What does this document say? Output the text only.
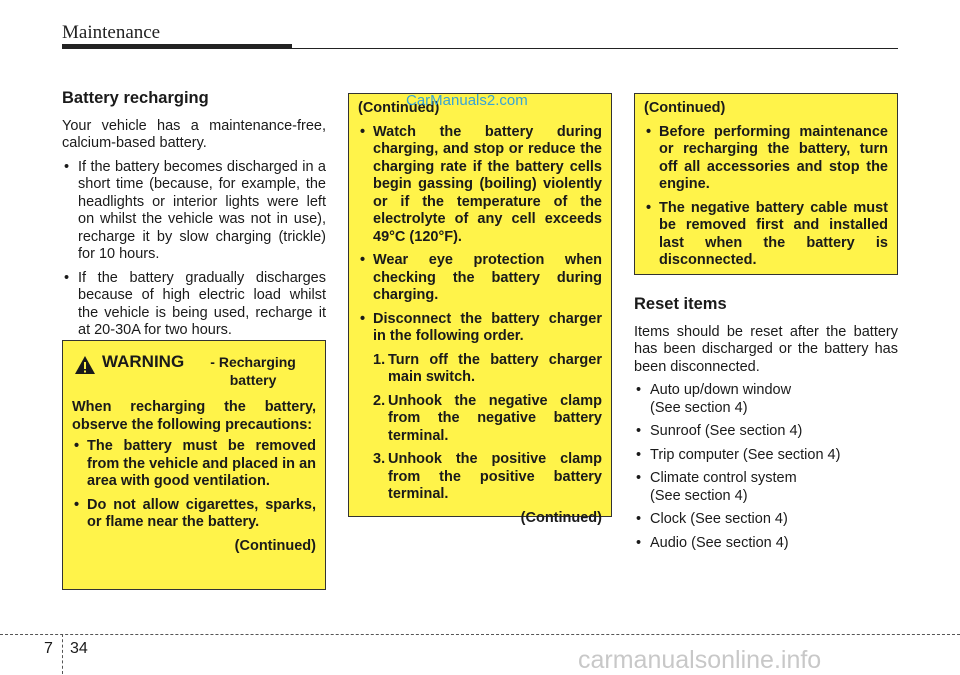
Maintenance
Battery recharging

Your vehicle has a maintenance-free, calcium-based battery.

• If the battery becomes discharged in a short time (because, for example, the headlights or interior lights were left on whilst the vehicle was not in use), recharge it by slow charging (trickle) for 10 hours.
• If the battery gradually discharges because of high electric load whilst the vehicle is being used, recharge it at 20-30A for two hours.
WARNING	- Recharging battery

When recharging the battery, observe the following precautions:

• The battery must be removed from the vehicle and placed in an area with good ventilation.
• Do not allow cigarettes, sparks, or flame near the battery.
(Continued)
(Continued)
• Watch the battery during charging, and stop or reduce the charging rate if the battery cells begin gassing (boiling) violently or if the temperature of the electrolyte of any cell exceeds 49°C (120°F).
• Wear eye protection when checking the battery during charging.
• Disconnect the battery charger in the following order.
1. Turn off the battery charger main switch.
2. Unhook the negative clamp from the negative battery terminal.
3. Unhook the positive clamp from the positive battery terminal.
(Continued)
CarManuals2.com	(Continued)
• Before performing maintenance or recharging the battery, turn off all accessories and stop the engine.
• The negative battery cable must be removed first and installed last when the battery is disconnected.
Reset items

Items should be reset after the battery has been discharged or the battery has been disconnected.

• Auto up/down window
(See section 4)
• Sunroof (See section 4)
• Trip computer (See section 4)
• Climate control system
(See section 4)
• Clock (See section 4)
• Audio (See section 4)
7 34	carmanualsonline.info
